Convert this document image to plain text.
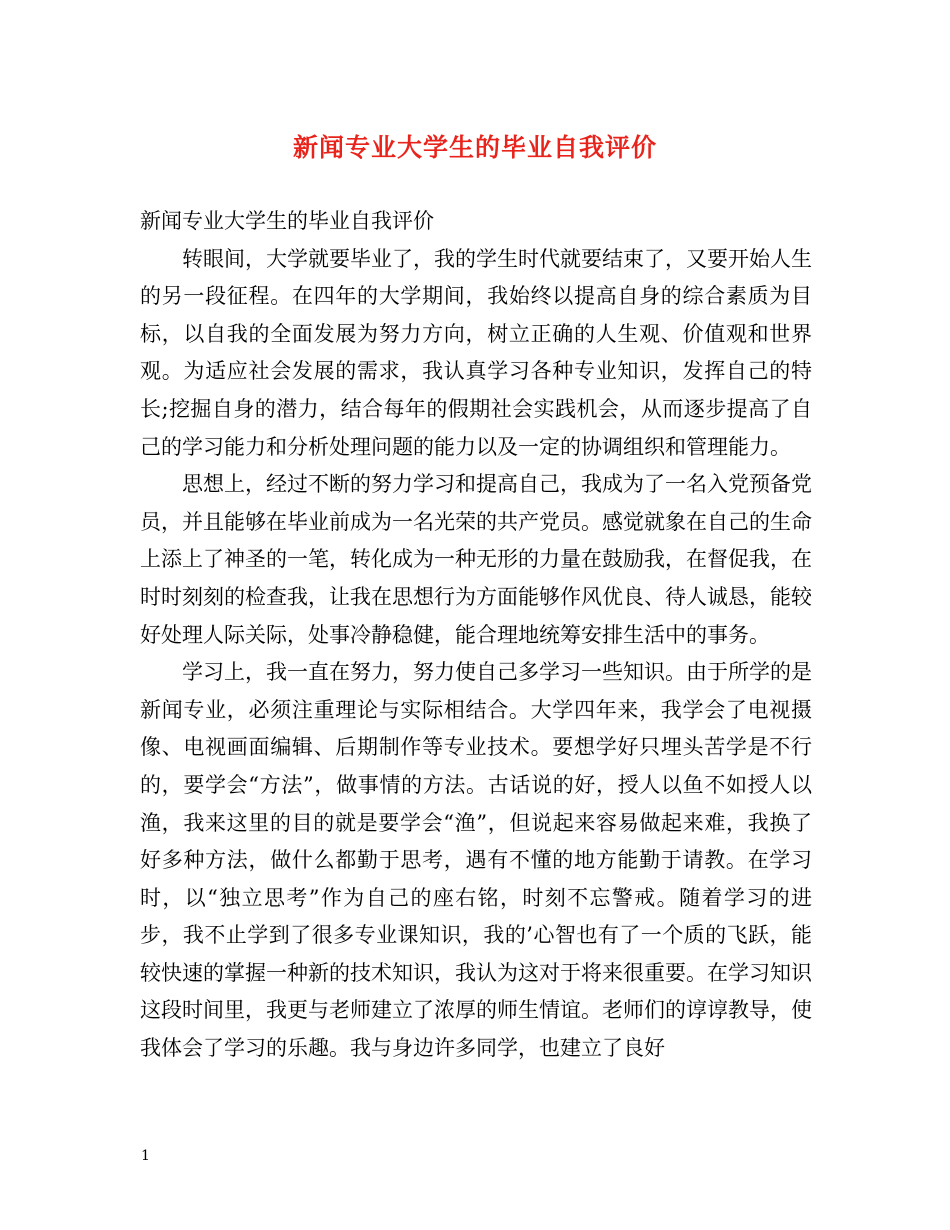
新闻专业大学生的毕业自我评价

新闻专业大学生的毕业自我评价

转眼间，大学就要毕业了，我的学生时代就要结束了，又要开始人生的另一段征程。在四年的大学期间，我始终以提高自身的综合素质为目标，以自我的全面发展为努力方向，树立正确的人生观、价值观和世界观。为适应社会发展的需求，我认真学习各种专业知识，发挥自己的特长;挖掘自身的潜力，结合每年的假期社会实践机会，从而逐步提高了自己的学习能力和分析处理问题的能力以及一定的协调组织和管理能力。

思想上，经过不断的努力学习和提高自己，我成为了一名入党预备党员，并且能够在毕业前成为一名光荣的共产党员。感觉就象在自己的生命上添上了神圣的一笔，转化成为一种无形的力量在鼓励我，在督促我，在时时刻刻的检查我，让我在思想行为方面能够作风优良、待人诚恳，能较好处理人际关际，处事冷静稳健，能合理地统筹安排生活中的事务。

学习上，我一直在努力，努力使自己多学习一些知识。由于所学的是新闻专业，必须注重理论与实际相结合。大学四年来，我学会了电视摄像、电视画面编辑、后期制作等专业技术。要想学好只埋头苦学是不行的，要学会“方法”，做事情的方法。古话说的好，授人以鱼不如授人以渔，我来这里的目的就是要学会“渔”，但说起来容易做起来难，我换了好多种方法，做什么都勤于思考，遇有不懂的地方能勤于请教。在学习时，以“独立思考”作为自己的座右铭，时刻不忘警戒。随着学习的进步，我不止学到了很多专业课知识，我的’心智也有了一个质的飞跃，能较快速的掌握一种新的技术知识，我认为这对于将来很重要。在学习知识这段时间里，我更与老师建立了浓厚的师生情谊。老师们的谆谆教导，使我体会了学习的乐趣。我与身边许多同学，也建立了良好

1
